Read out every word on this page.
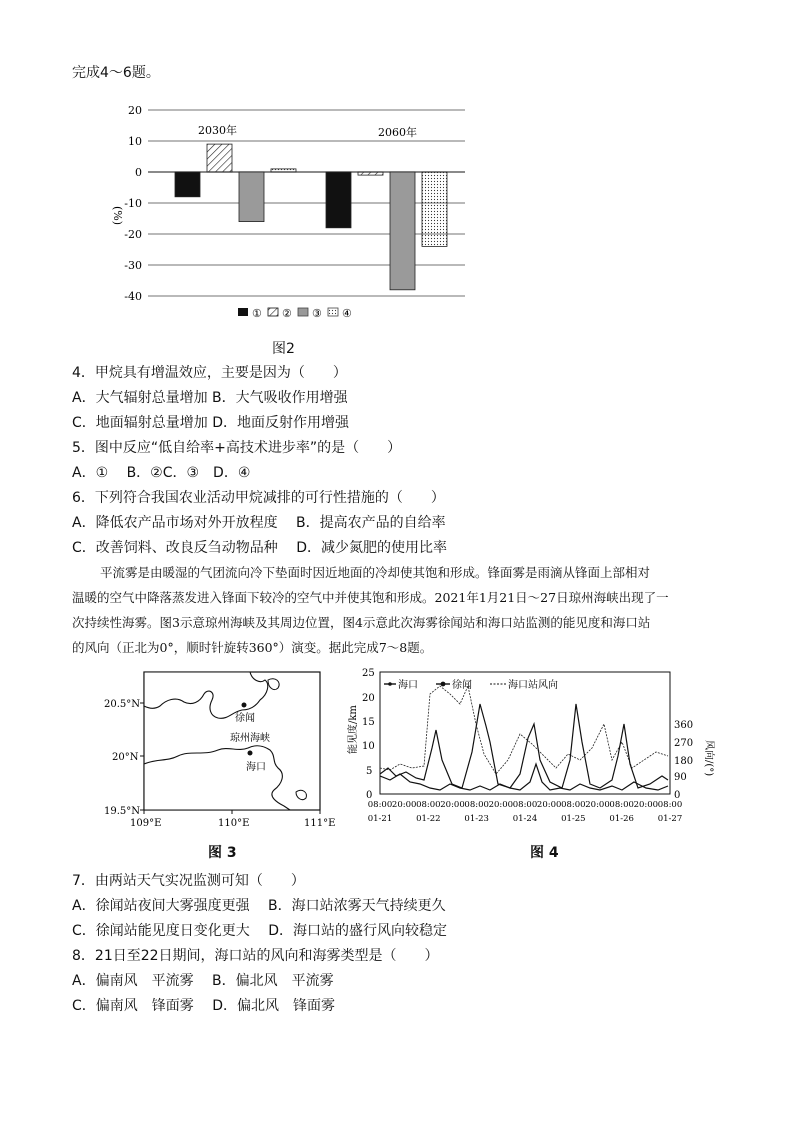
完成4～6题。
20
10
0
-10
-20
-30
-40
(%)
2030年	2060年
① ② ③ ④
图2
4．甲烷具有增温效应，主要是因为（　　）
A．大气辐射总量增加 B．大气吸收作用增强
C．地面辐射总量增加 D．地面反射作用增强
5．图中反应“低自给率+高技术进步率”的是（　　）
A．①　 B．②C．③　D．④
6．下列符合我国农业活动甲烷减排的可行性措施的（　　）
A．降低农产品市场对外开放程度　 B．提高农产品的自给率
C．改善饲料、改良反刍动物品种　 D．减少氮肥的使用比率
平流雾是由暖湿的气团流向冷下垫面时因近地面的冷却使其饱和形成。锋面雾是雨滴从锋面上部相对
温暖的空气中降落蒸发进入锋面下较冷的空气中并使其饱和形成。2021年1月21日～27日琼州海峡出现了一
次持续性海雾。图3示意琼州海峡及其周边位置，图4示意此次海雾徐闻站和海口站监测的能见度和海口站
的风向（正北为0°，顺时针旋转360°）演变。据此完成7～8题。
20.5°N
20°N
19.5°N
109°E	110°E	111°E
徐闻
琼州海峡
海口
图 3
25
20
15
10
5
0
能见度/km	360
270
180
90
0
风向/(°)
海口	徐闻	海口站风向
08:00 20:00 08:00 20:00 08:00 20:00 08:00 20:00 08:00 20:00 08:00 20:00 08:00
01-21	01-22	01-23	01-24	01-25	01-26	01-27
图 4
7．由两站天气实况监测可知（　　）
A．徐闻站夜间大雾强度更强　 B．海口站浓雾天气持续更久
C．徐闻站能见度日变化更大　 D．海口站的盛行风向较稳定
8．21日至22日期间，海口站的风向和海雾类型是（　　）
A．偏南风　平流雾　 B．偏北风　平流雾
C．偏南风　锋面雾　 D．偏北风　锋面雾
